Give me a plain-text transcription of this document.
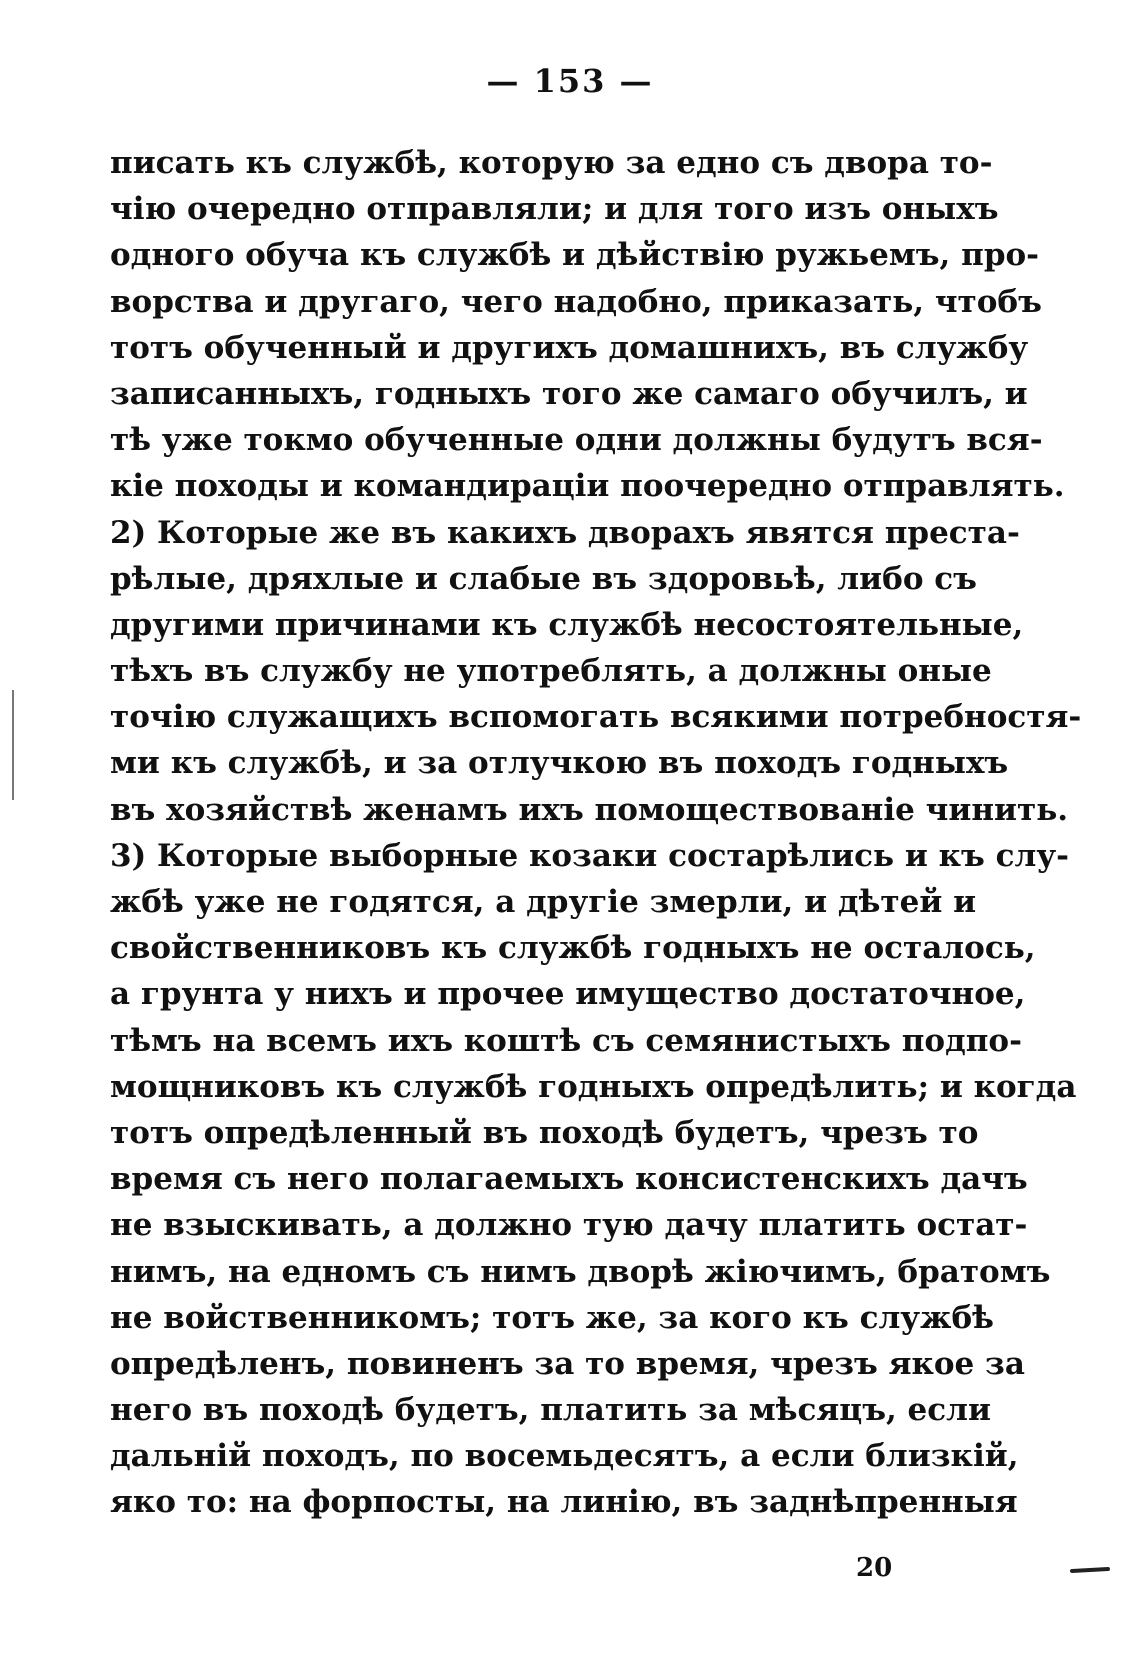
— 153 —
писать къ службѣ, которую за едно съ двора то-
чію очередно отправляли; и для того изъ оныхъ
одного обуча къ службѣ и дѣйствію ружьемъ, про-
ворства и другаго, чего надобно, приказать, чтобъ
тотъ обученный и другихъ домашнихъ, въ службу
записанныхъ, годныхъ того же самаго обучилъ, и
тѣ уже токмо обученные одни должны будутъ вся-
кіе походы и командираціи поочередно отправлять.
2) Которые же въ какихъ дворахъ явятся преста-
рѣлые, дряхлые и слабые въ здоровьѣ, либо съ
другими причинами къ службѣ несостоятельные,
тѣхъ въ службу не употреблять, а должны оные
точію служащихъ вспомогать всякими потребностя-
ми къ службѣ, и за отлучкою въ походъ годныхъ
въ хозяйствѣ женамъ ихъ помоществованіе чинить.
3) Которые выборные козаки состарѣлись и къ слу-
жбѣ уже не годятся, а другіе змерли, и дѣтей и
свойственниковъ къ службѣ годныхъ не осталось,
а грунта у нихъ и прочее имущество достаточное,
тѣмъ на всемъ ихъ коштѣ съ семянистыхъ подпо-
мощниковъ къ службѣ годныхъ опредѣлить; и когда
тотъ опредѣленный въ походѣ будетъ, чрезъ то
время съ него полагаемыхъ консистенскихъ дачъ
не взыскивать, а должно тую дачу платить остат-
нимъ, на едномъ съ нимъ дворѣ жіючимъ, братомъ
не войственникомъ; тотъ же, за кого къ службѣ
опредѣленъ, повиненъ за то время, чрезъ якое за
него въ походѣ будетъ, платить за мѣсяцъ, если
дальній походъ, по восемьдесятъ, а если близкій,
яко то: на форпосты, на линію, въ заднѣпренныя
20
